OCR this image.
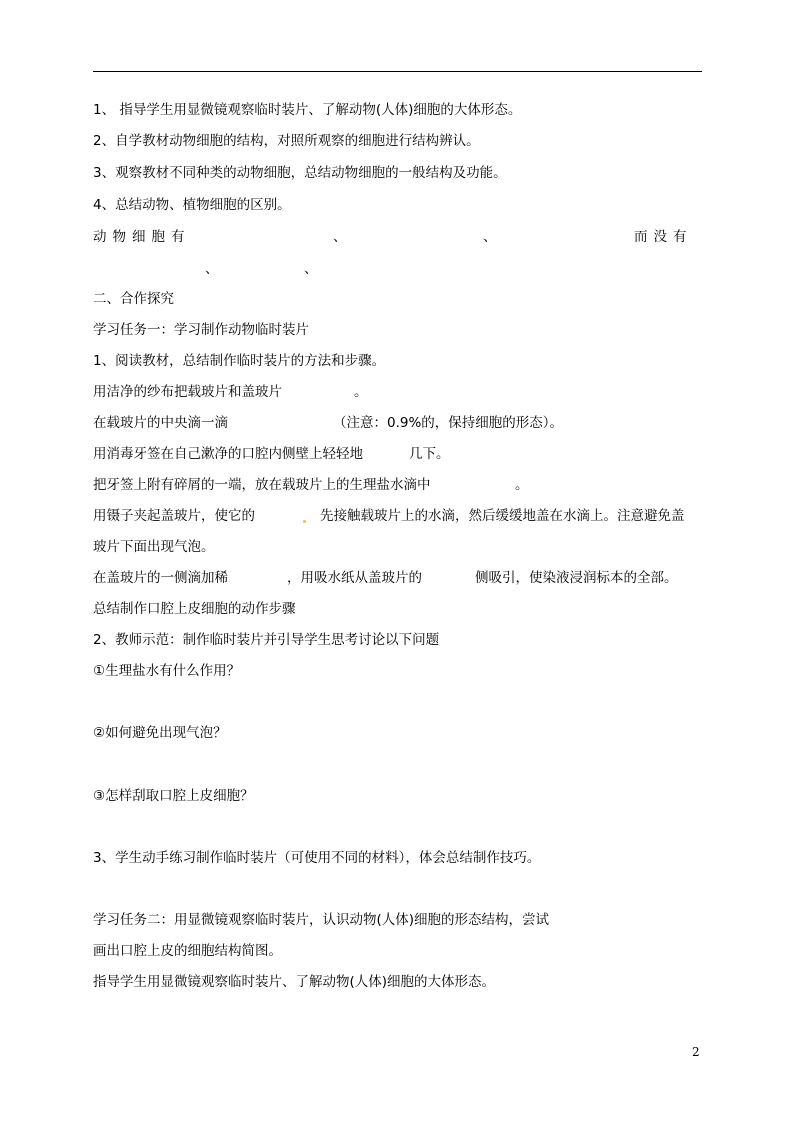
1、 指导学生用显微镜观察临时装片、了解动物(人体)细胞的大体形态。
2、自学教材动物细胞的结构，对照所观察的细胞进行结构辨认。
3、观察教材不同种类的动物细胞，总结动物细胞的一般结构及功能。
4、总结动物、植物细胞的区别。
动物细胞有	、	、	而没有
、	、
二、合作探究
学习任务一：学习制作动物临时装片
1、阅读教材，总结制作临时装片的方法和步骤。
用洁净的纱布把载玻片和盖玻片	。
在载玻片的中央滴一滴	（注意：0.9%的，保持细胞的形态）。
用消毒牙签在自己漱净的口腔内侧壁上轻轻地	几下。
把牙签上附有碎屑的一端，放在载玻片上的生理盐水滴中	。
用镊子夹起盖玻片，使它的	先接触载玻片上的水滴，然后缓缓地盖在水滴上。注意避免盖
玻片下面出现气泡。
在盖玻片的一侧滴加稀	，用吸水纸从盖玻片的	侧吸引，使染液浸润标本的全部。
总结制作口腔上皮细胞的动作步骤
2、教师示范：制作临时装片并引导学生思考讨论以下问题
①生理盐水有什么作用？
②如何避免出现气泡？
③怎样刮取口腔上皮细胞？
3、学生动手练习制作临时装片（可使用不同的材料），体会总结制作技巧。
学习任务二：用显微镜观察临时装片，认识动物(人体)细胞的形态结构，尝试
画出口腔上皮的细胞结构简图。
指导学生用显微镜观察临时装片、了解动物(人体)细胞的大体形态。
2
